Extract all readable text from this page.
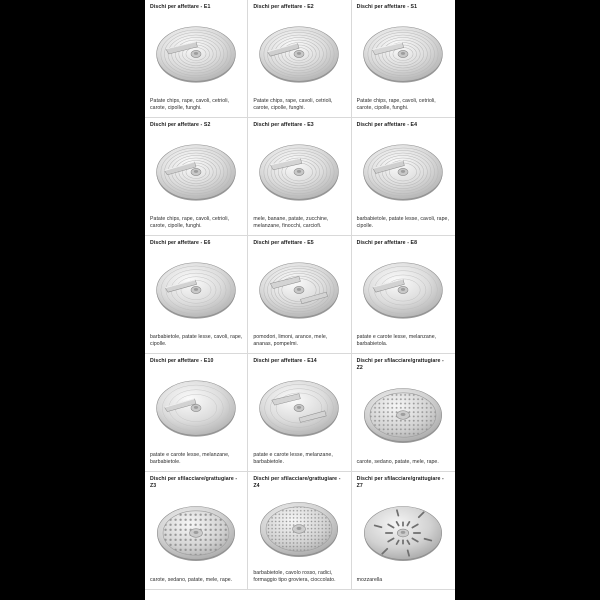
Dischi per affettare - E1
Patate chips, rape, cavoli, cetrioli, carote, cipolle, funghi.
Dischi per affettare - E2
Patate chips, rape, cavoli, cetrioli, carote, cipolle, funghi.
Dischi per affettare - S1
Patate chips, rape, cavoli, cetrioli, carote, cipolle, funghi.
Dischi per affettare - S2
Patate chips, rape, cavoli, cetrioli, carote, cipolle, funghi.
Dischi per affettare - E3
mele, banane, patate, zucchine, melanzane, finocchi, carciofi.
Dischi per affettare - E4
barbabietole, patate lesse, cavoli, rape, cipolle.
Dischi per affettare - E6
barbabietole, patate lesse, cavoli, rape, cipolle.
Dischi per affettare - E5
pomodori, limoni, arance, mele, ananas, pompelmi.
Dischi per affettare - E8
patate e carote lesse, melanzane, barbabietola.
Dischi per affettare - E10
patate e carote lesse, melanzane, barbabietole.
Dischi per affettare - E14
patate e carote lesse, melanzane, barbabietole.
Dischi per sfilacciare/grattugiare - Z2
carote, sedano, patate, mele, rape.
Dischi per sfilacciare/grattugiare - Z3
carote, sedano, patate, mele, rape.
Dischi per sfilacciare/grattugiare - Z4
barbabietole, cavolo rosso, radici, formaggio tipo groviera, cioccolato.
Dischi per sfilacciare/grattugiare - Z7
mozzarella
